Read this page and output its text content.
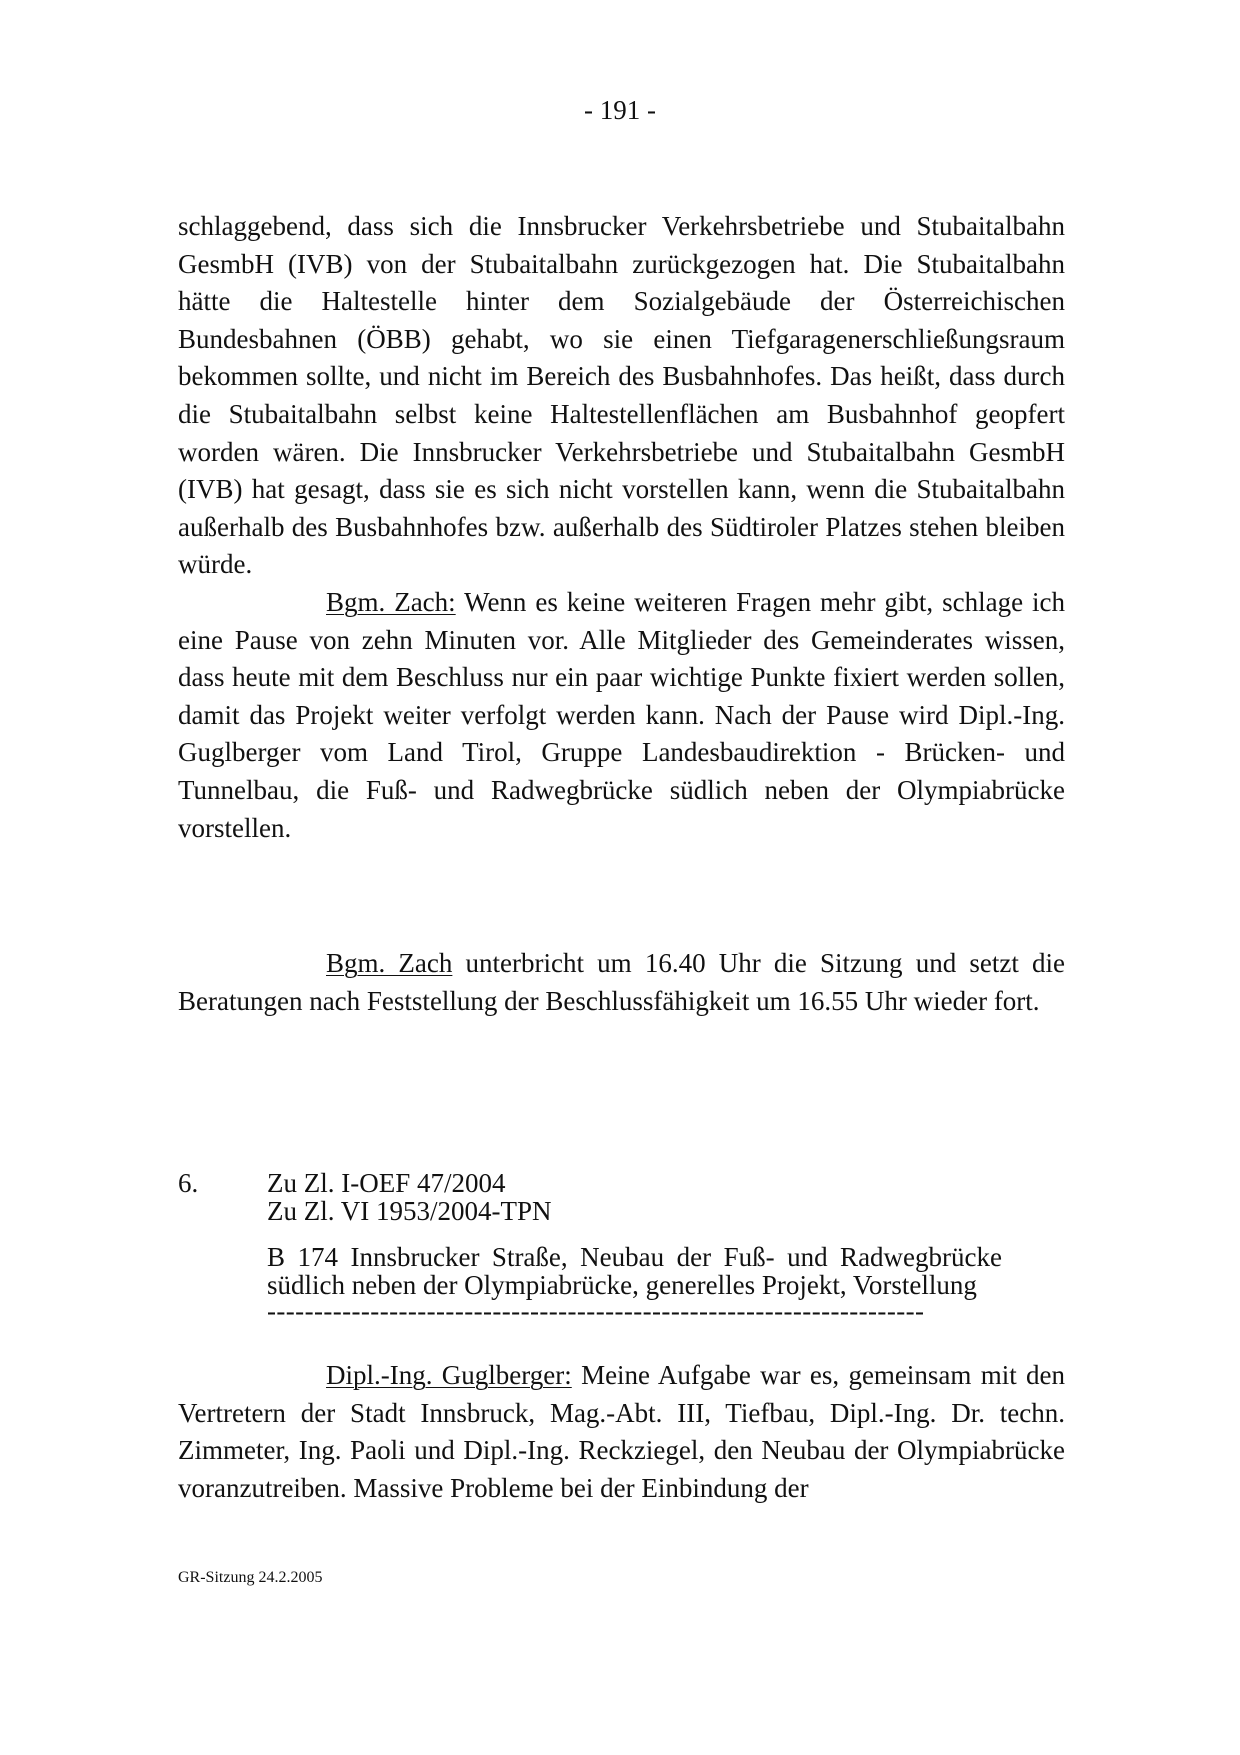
- 191 -

schlaggebend, dass sich die Innsbrucker Verkehrsbetriebe und Stubaitalbahn GesmbH (IVB) von der Stubaitalbahn zurückgezogen hat. Die Stubaitalbahn hätte die Haltestelle hinter dem Sozialgebäude der Österreichischen Bundesbahnen (ÖBB) gehabt, wo sie einen Tiefgaragenerschließungsraum bekommen sollte, und nicht im Bereich des Busbahnhofes. Das heißt, dass durch die Stubaitalbahn selbst keine Haltestellenflächen am Busbahnhof geopfert worden wären. Die Innsbrucker Verkehrsbetriebe und Stubaitalbahn GesmbH (IVB) hat gesagt, dass sie es sich nicht vorstellen kann, wenn die Stubaitalbahn außerhalb des Busbahnhofes bzw. außerhalb des Südtiroler Platzes stehen bleiben würde.

Bgm. Zach: Wenn es keine weiteren Fragen mehr gibt, schlage ich eine Pause von zehn Minuten vor. Alle Mitglieder des Gemeinderates wissen, dass heute mit dem Beschluss nur ein paar wichtige Punkte fixiert werden sollen, damit das Projekt weiter verfolgt werden kann. Nach der Pause wird Dipl.-Ing. Guglberger vom Land Tirol, Gruppe Landesbaudirektion - Brücken- und Tunnelbau, die Fuß- und Radwegbrücke südlich neben der Olympiabrücke vorstellen.

Bgm. Zach unterbricht um 16.40 Uhr die Sitzung und setzt die Beratungen nach Feststellung der Beschlussfähigkeit um 16.55 Uhr wieder fort.

6.	Zu Zl. I-OEF 47/2004
Zu Zl. VI 1953/2004-TPN
B 174 Innsbrucker Straße, Neubau der Fuß- und Radwegbrücke südlich neben der Olympiabrücke, generelles Projekt, Vorstellung
----------------------------------------------------------------------

Dipl.-Ing. Guglberger: Meine Aufgabe war es, gemeinsam mit den Vertretern der Stadt Innsbruck, Mag.-Abt. III, Tiefbau, Dipl.-Ing. Dr. techn. Zimmeter, Ing. Paoli und Dipl.-Ing. Reckziegel, den Neubau der Olympiabrücke voranzutreiben. Massive Probleme bei der Einbindung der

GR-Sitzung 24.2.2005
